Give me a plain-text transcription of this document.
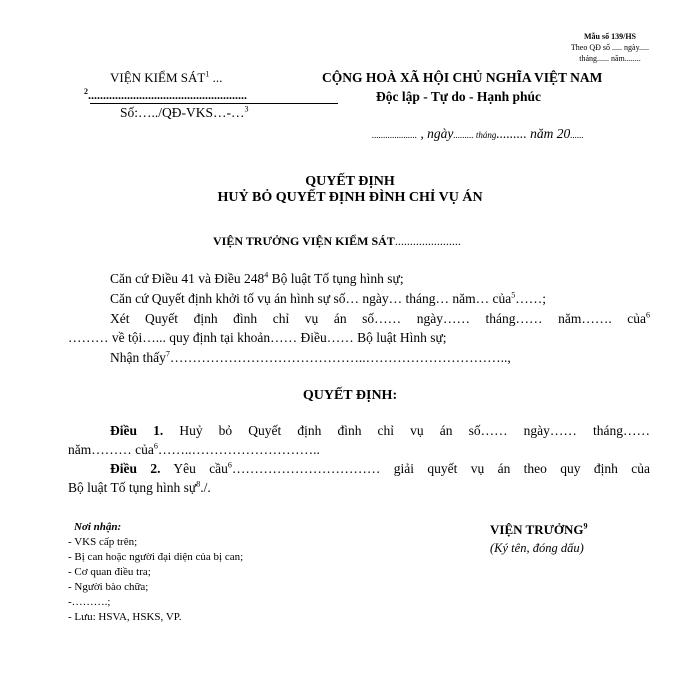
Mẫu số 139/HS
Theo QĐ số ..... ngày.....
tháng...... năm........
VIỆN KIỂM SÁT$^1$ ...
$^2$.....................................................
Số:…../QĐ-VKS…-…$^3$
CỘNG HOÀ XÃ HỘI CHỦ NGHĨA VIỆT NAM
Độc lập - Tự do - Hạnh phúc
.................... , ngày......... tháng......... năm 20......
QUYẾT ĐỊNH
HUỶ BỎ QUYẾT ĐỊNH ĐÌNH CHỈ VỤ ÁN
VIỆN TRƯỞNG VIỆN KIỂM SÁT......................
Căn cứ Điều 41 và Điều $248^4$ Bộ luật Tố tụng hình sự;
Căn cứ Quyết định khởi tố vụ án hình sự số… ngày… tháng… năm… của$^5$……;
Xét Quyết định đình chỉ vụ án số…… ngày…… tháng…… năm……. của$^6$
……… về tội…... quy định tại khoản…… Điều…… Bộ luật Hình sự;
Nhận thấy$^7$……………………………………..…………………………..,
QUYẾT ĐỊNH:
Điều 1. Huỷ bỏ Quyết định đình chỉ vụ án số…… ngày…… tháng……
năm……… của$^6$……..………………………..
Điều 2. Yêu cầu$^6$…………………………… giải quyết vụ án theo quy định của
Bộ luật Tố tụng hình sự$^8$./.
Nơi nhận:
- VKS cấp trên;
- Bị can hoặc người đại diện của bị can;
- Cơ quan điều tra;
- Người bào chữa;
-……….;
- Lưu: HSVA, HSKS, VP.
VIỆN TRƯỞNG$^9$
(Ký tên, đóng dấu)
